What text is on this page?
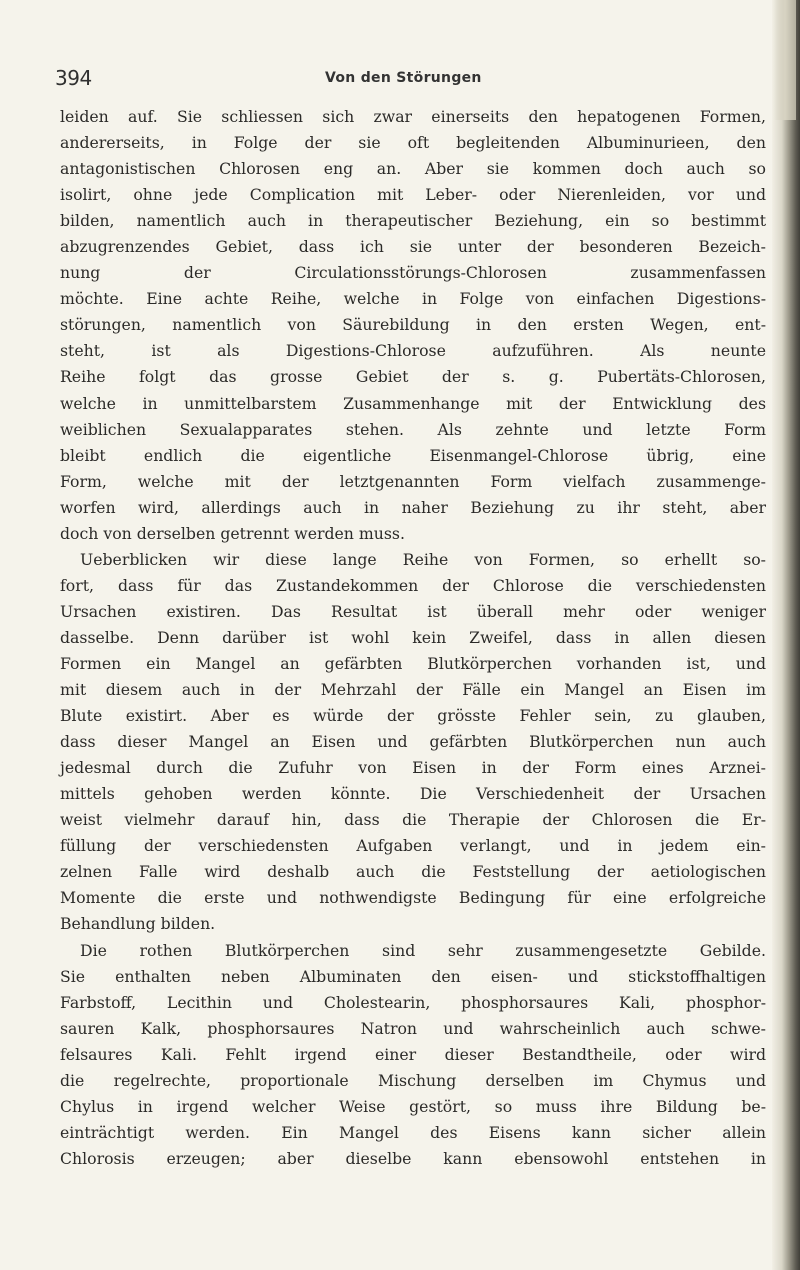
394	Von den Störungen
leiden auf. Sie schliessen sich zwar einerseits den hepatogenen Formen,
andererseits, in Folge der sie oft begleitenden Albuminurieen, den
antagonistischen Chlorosen eng an. Aber sie kommen doch auch so
isolirt, ohne jede Complication mit Leber- oder Nierenleiden, vor und
bilden, namentlich auch in therapeutischer Beziehung, ein so bestimmt
abzugrenzendes Gebiet, dass ich sie unter der besonderen Bezeich-
nung der Circulationsstörungs-Chlorosen zusammenfassen
möchte. Eine achte Reihe, welche in Folge von einfachen Digestions-
störungen, namentlich von Säurebildung in den ersten Wegen, ent-
steht, ist als Digestions-Chlorose aufzuführen. Als neunte
Reihe folgt das grosse Gebiet der s. g. Pubertäts-Chlorosen,
welche in unmittelbarstem Zusammenhange mit der Entwicklung des
weiblichen Sexualapparates stehen. Als zehnte und letzte Form
bleibt endlich die eigentliche Eisenmangel-Chlorose übrig, eine
Form, welche mit der letztgenannten Form vielfach zusammenge-
worfen wird, allerdings auch in naher Beziehung zu ihr steht, aber
doch von derselben getrennt werden muss.
Ueberblicken wir diese lange Reihe von Formen, so erhellt so-
fort, dass für das Zustandekommen der Chlorose die verschiedensten
Ursachen existiren. Das Resultat ist überall mehr oder weniger
dasselbe. Denn darüber ist wohl kein Zweifel, dass in allen diesen
Formen ein Mangel an gefärbten Blutkörperchen vorhanden ist, und
mit diesem auch in der Mehrzahl der Fälle ein Mangel an Eisen im
Blute existirt. Aber es würde der grösste Fehler sein, zu glauben,
dass dieser Mangel an Eisen und gefärbten Blutkörperchen nun auch
jedesmal durch die Zufuhr von Eisen in der Form eines Arznei-
mittels gehoben werden könnte. Die Verschiedenheit der Ursachen
weist vielmehr darauf hin, dass die Therapie der Chlorosen die Er-
füllung der verschiedensten Aufgaben verlangt, und in jedem ein-
zelnen Falle wird deshalb auch die Feststellung der aetiologischen
Momente die erste und nothwendigste Bedingung für eine erfolgreiche
Behandlung bilden.
Die rothen Blutkörperchen sind sehr zusammengesetzte Gebilde.
Sie enthalten neben Albuminaten den eisen- und stickstoffhaltigen
Farbstoff, Lecithin und Cholestearin, phosphorsaures Kali, phosphor-
sauren Kalk, phosphorsaures Natron und wahrscheinlich auch schwe-
felsaures Kali. Fehlt irgend einer dieser Bestandtheile, oder wird
die regelrechte, proportionale Mischung derselben im Chymus und
Chylus in irgend welcher Weise gestört, so muss ihre Bildung be-
einträchtigt werden. Ein Mangel des Eisens kann sicher allein
Chlorosis erzeugen; aber dieselbe kann ebensowohl entstehen in
